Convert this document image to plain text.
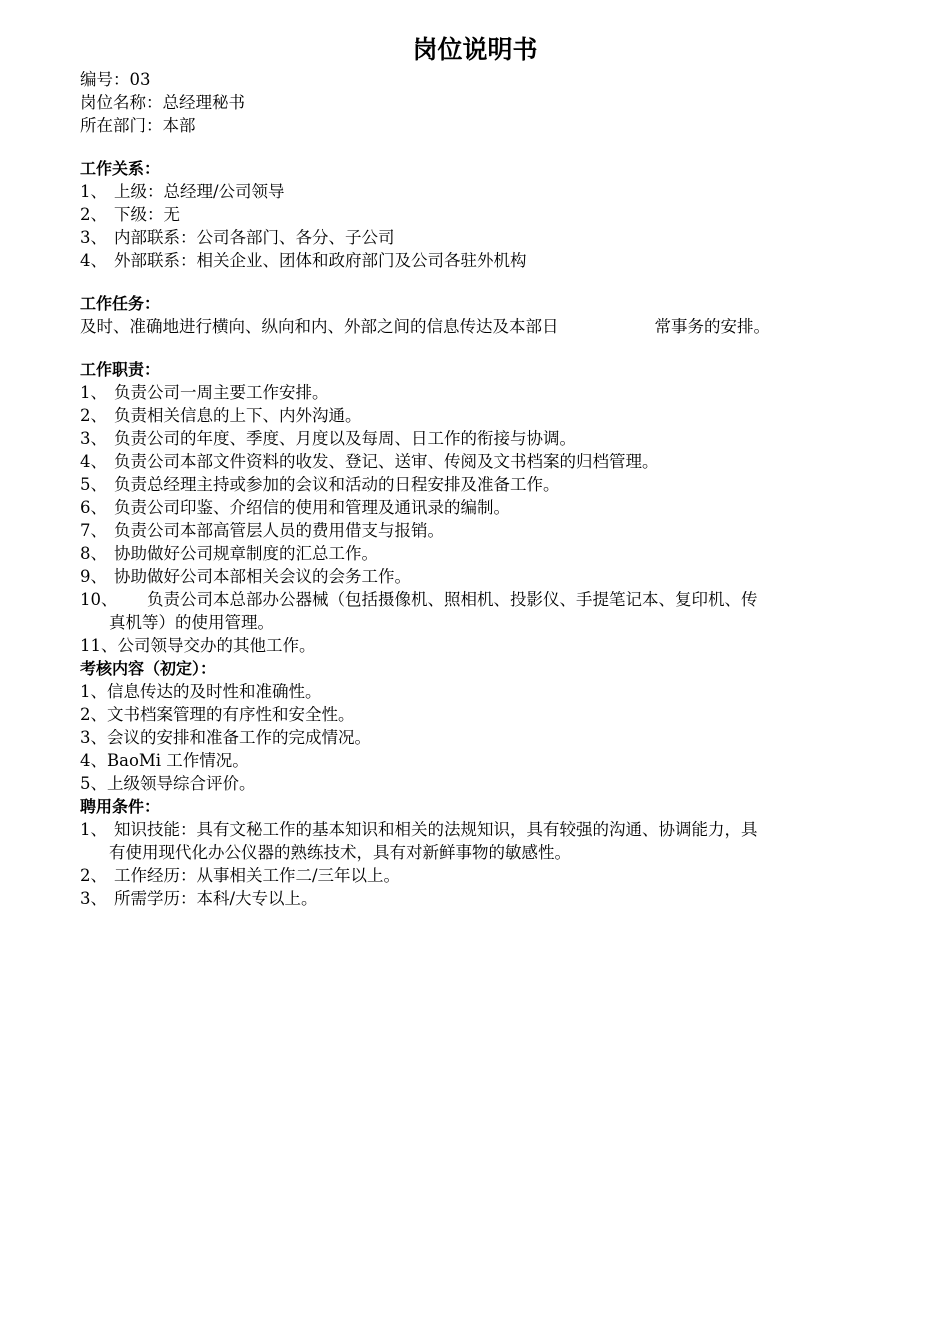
岗位说明书
编号：03
岗位名称：总经理秘书
所在部门：本部
工作关系：
1、 上级：总经理/公司领导
2、 下级：无
3、 内部联系：公司各部门、各分、子公司
4、 外部联系：相关企业、团体和政府部门及公司各驻外机构
工作任务：
及时、准确地进行横向、纵向和内、外部之间的信息传达及本部日	常事务的安排。
工作职责：
1、 负责公司一周主要工作安排。
2、 负责相关信息的上下、内外沟通。
3、 负责公司的年度、季度、月度以及每周、日工作的衔接与协调。
4、 负责公司本部文件资料的收发、登记、送审、传阅及文书档案的归档管理。
5、 负责总经理主持或参加的会议和活动的日程安排及准备工作。
6、 负责公司印鉴、介绍信的使用和管理及通讯录的编制。
7、 负责公司本部高管层人员的费用借支与报销。
8、 协助做好公司规章制度的汇总工作。
9、 协助做好公司本部相关会议的会务工作。
10、 负责公司本总部办公器械（包括摄像机、照相机、投影仪、手提笔记本、复印机、传
真机等）的使用管理。
11、公司领导交办的其他工作。
考核内容（初定）：
1、信息传达的及时性和准确性。
2、文书档案管理的有序性和安全性。
3、会议的安排和准备工作的完成情况。
4、BaoMi 工作情况。
5、上级领导综合评价。
聘用条件：
1、 知识技能：具有文秘工作的基本知识和相关的法规知识，具有较强的沟通、协调能力，具
有使用现代化办公仪器的熟练技术，具有对新鲜事物的敏感性。
2、 工作经历：从事相关工作二/三年以上。
3、 所需学历：本科/大专以上。
